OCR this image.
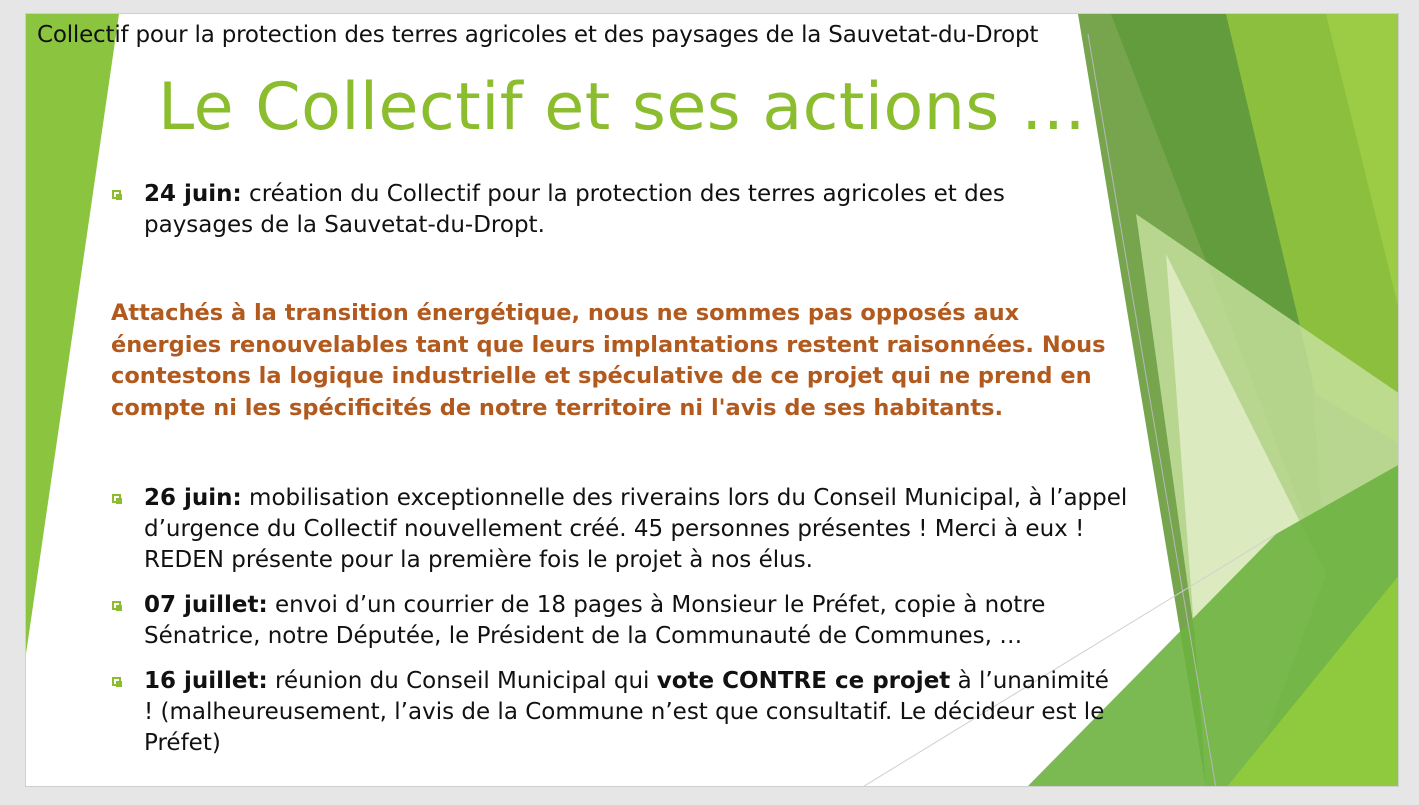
Collectif pour la protection des terres agricoles et des paysages de la Sauvetat-du-Dropt
Le Collectif et ses actions …
24 juin: création du Collectif pour la protection des terres agricoles et des paysages de la Sauvetat-du-Dropt.
Attachés à la transition énergétique, nous ne sommes pas opposés aux énergies renouvelables tant que leurs implantations restent raisonnées. Nous contestons la logique industrielle et spéculative de ce projet qui ne prend en compte ni les spécificités de notre territoire ni l'avis de ses habitants.
26 juin: mobilisation exceptionnelle des riverains lors du Conseil Municipal, à l’appel d’urgence du Collectif nouvellement créé. 45 personnes présentes ! Merci à eux ! REDEN présente pour la première fois le projet à nos élus.
07 juillet: envoi d’un courrier de 18 pages à Monsieur le Préfet, copie à notre Sénatrice, notre Députée, le Président de la Communauté de Communes, …
16 juillet: réunion du Conseil Municipal qui vote CONTRE ce projet à l’unanimité ! (malheureusement, l’avis de la Commune n’est que consultatif. Le décideur est le Préfet)
